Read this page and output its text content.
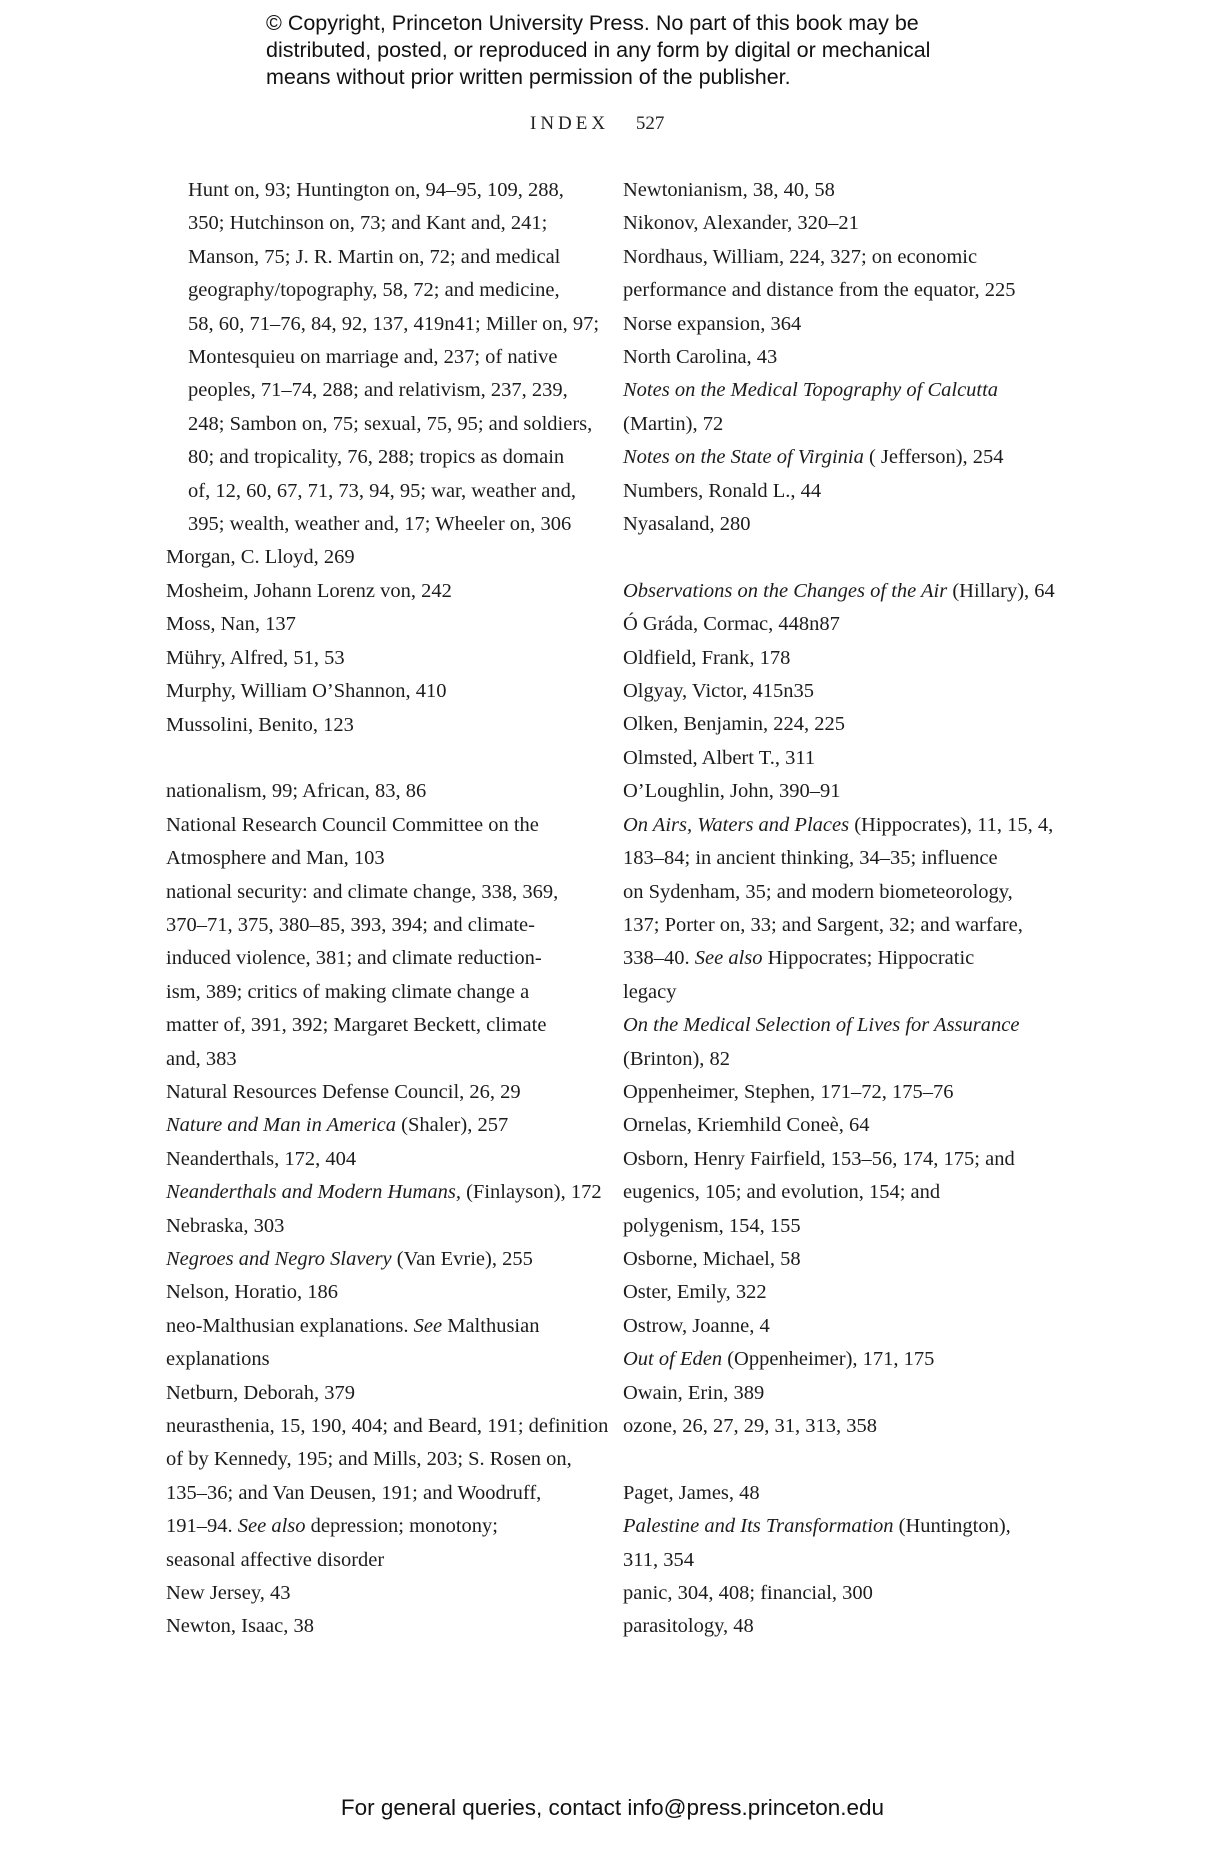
© Copyright, Princeton University Press. No part of this book may be
distributed, posted, or reproduced in any form by digital or mechanical
means without prior written permission of the publisher.
INDEX 527
Hunt on, 93; Huntington on, 94–95, 109, 288,
350; Hutchinson on, 73; and Kant and, 241;
Manson, 75; J. R. Martin on, 72; and medical
geography/topography, 58, 72; and medicine,
58, 60, 71–76, 84, 92, 137, 419n41; Miller on, 97;
Montesquieu on marriage and, 237; of native
peoples, 71–74, 288; and relativism, 237, 239,
248; Sambon on, 75; sexual, 75, 95; and soldiers,
80; and tropicality, 76, 288; tropics as domain
of, 12, 60, 67, 71, 73, 94, 95; war, weather and,
395; wealth, weather and, 17; Wheeler on, 306
Morgan, C. Lloyd, 269
Mosheim, Johann Lorenz von, 242
Moss, Nan, 137
Mühry, Alfred, 51, 53
Murphy, William O’Shannon, 410
Mussolini, Benito, 123
nationalism, 99; African, 83, 86
National Research Council Committee on the
Atmosphere and Man, 103
national security: and climate change, 338, 369,
370–71, 375, 380–85, 393, 394; and climate-
induced violence, 381; and climate reduction-
ism, 389; critics of making climate change a
matter of, 391, 392; Margaret Beckett, climate
and, 383
Natural Resources Defense Council, 26, 29
Nature and Man in America (Shaler), 257
Neanderthals, 172, 404
Neanderthals and Modern Humans, (Finlayson), 172
Nebraska, 303
Negroes and Negro Slavery (Van Evrie), 255
Nelson, Horatio, 186
neo-Malthusian explanations. See Malthusian
explanations
Netburn, Deborah, 379
neurasthenia, 15, 190, 404; and Beard, 191; definition
of by Kennedy, 195; and Mills, 203; S. Rosen on,
135–36; and Van Deusen, 191; and Woodruff,
191–94. See also depression; monotony;
seasonal affective disorder
New Jersey, 43
Newton, Isaac, 38
Newtonianism, 38, 40, 58
Nikonov, Alexander, 320–21
Nordhaus, William, 224, 327; on economic
performance and distance from the equator, 225
Norse expansion, 364
North Carolina, 43
Notes on the Medical Topography of Calcutta
(Martin), 72
Notes on the State of Virginia ( Jefferson), 254
Numbers, Ronald L., 44
Nyasaland, 280
Observations on the Changes of the Air (Hillary), 64
Ó Gráda, Cormac, 448n87
Oldfield, Frank, 178
Olgyay, Victor, 415n35
Olken, Benjamin, 224, 225
Olmsted, Albert T., 311
O’Loughlin, John, 390–91
On Airs, Waters and Places (Hippocrates), 11, 15, 4,
183–84; in ancient thinking, 34–35; influence
on Sydenham, 35; and modern biometeorology,
137; Porter on, 33; and Sargent, 32; and warfare,
338–40. See also Hippocrates; Hippocratic
legacy
On the Medical Selection of Lives for Assurance
(Brinton), 82
Oppenheimer, Stephen, 171–72, 175–76
Ornelas, Kriemhild Coneè, 64
Osborn, Henry Fairfield, 153–56, 174, 175; and
eugenics, 105; and evolution, 154; and
polygenism, 154, 155
Osborne, Michael, 58
Oster, Emily, 322
Ostrow, Joanne, 4
Out of Eden (Oppenheimer), 171, 175
Owain, Erin, 389
ozone, 26, 27, 29, 31, 313, 358
Paget, James, 48
Palestine and Its Transformation (Huntington),
311, 354
panic, 304, 408; financial, 300
parasitology, 48
For general queries, contact info@press.princeton.edu
